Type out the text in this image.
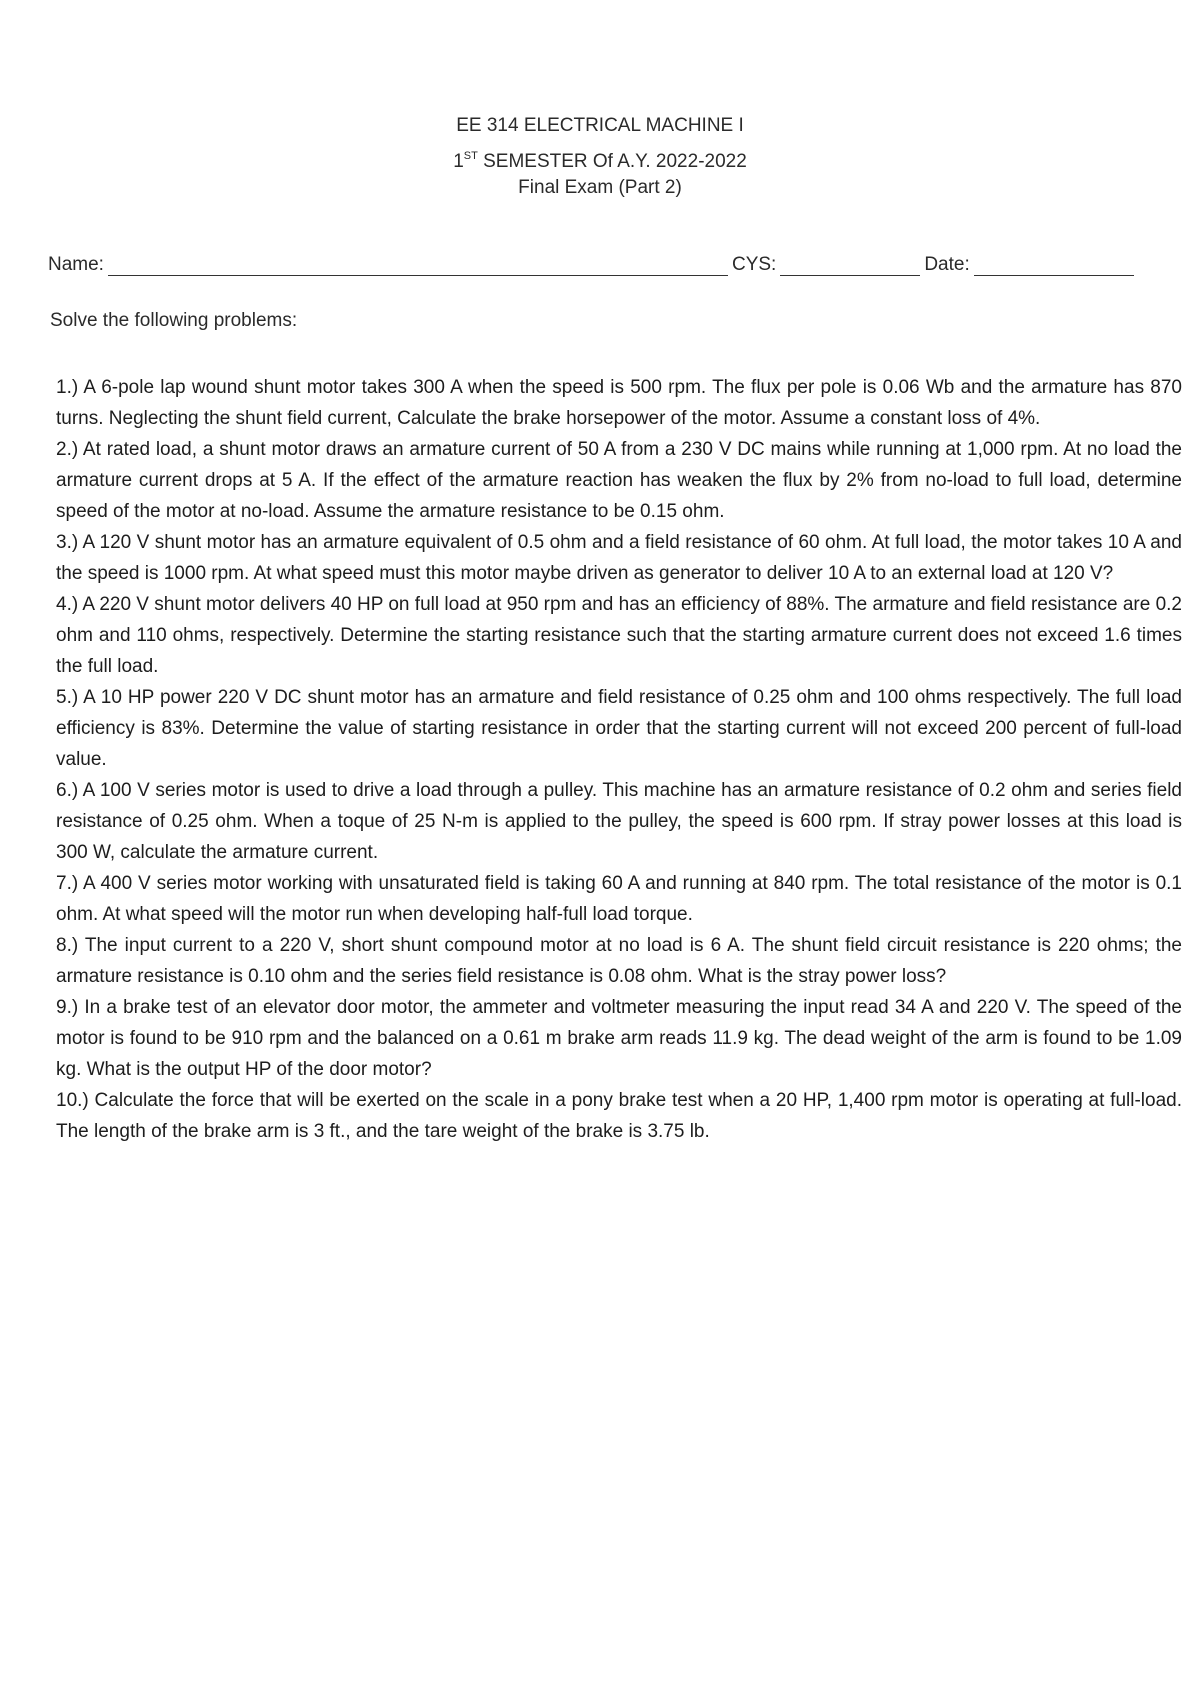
EE 314 ELECTRICAL MACHINE I
1ST SEMESTER Of A.Y. 2022-2022
Final Exam (Part 2)
Name:	CYS:	Date:
Solve the following problems:

1.) A 6-pole lap wound shunt motor takes 300 A when the speed is 500 rpm. The flux per pole is 0.06 Wb and the armature has 870 turns. Neglecting the shunt field current, Calculate the brake horsepower of the motor. Assume a constant loss of 4%.

2.) At rated load, a shunt motor draws an armature current of 50 A from a 230 V DC mains while running at 1,000 rpm. At no load the armature current drops at 5 A. If the effect of the armature reaction has weaken the flux by 2% from no-load to full load, determine speed of the motor at no-load. Assume the armature resistance to be 0.15 ohm.

3.) A 120 V shunt motor has an armature equivalent of 0.5 ohm and a field resistance of 60 ohm. At full load, the motor takes 10 A and the speed is 1000 rpm. At what speed must this motor maybe driven as generator to deliver 10 A to an external load at 120 V?

4.) A 220 V shunt motor delivers 40 HP on full load at 950 rpm and has an efficiency of 88%. The armature and field resistance are 0.2 ohm and 110 ohms, respectively. Determine the starting resistance such that the starting armature current does not exceed 1.6 times the full load.

5.) A 10 HP power 220 V DC shunt motor has an armature and field resistance of 0.25 ohm and 100 ohms respectively. The full load efficiency is 83%. Determine the value of starting resistance in order that the starting current will not exceed 200 percent of full-load value.

6.) A 100 V series motor is used to drive a load through a pulley. This machine has an armature resistance of 0.2 ohm and series field resistance of 0.25 ohm. When a toque of 25 N-m is applied to the pulley, the speed is 600 rpm. If stray power losses at this load is 300 W, calculate the armature current.

7.) A 400 V series motor working with unsaturated field is taking 60 A and running at 840 rpm. The total resistance of the motor is 0.1 ohm. At what speed will the motor run when developing half-full load torque.

8.) The input current to a 220 V, short shunt compound motor at no load is 6 A. The shunt field circuit resistance is 220 ohms; the armature resistance is 0.10 ohm and the series field resistance is 0.08 ohm. What is the stray power loss?

9.) In a brake test of an elevator door motor, the ammeter and voltmeter measuring the input read 34 A and 220 V. The speed of the motor is found to be 910 rpm and the balanced on a 0.61 m brake arm reads 11.9 kg. The dead weight of the arm is found to be 1.09 kg. What is the output HP of the door motor?

10.) Calculate the force that will be exerted on the scale in a pony brake test when a 20 HP, 1,400 rpm motor is operating at full-load. The length of the brake arm is 3 ft., and the tare weight of the brake is 3.75 lb.
